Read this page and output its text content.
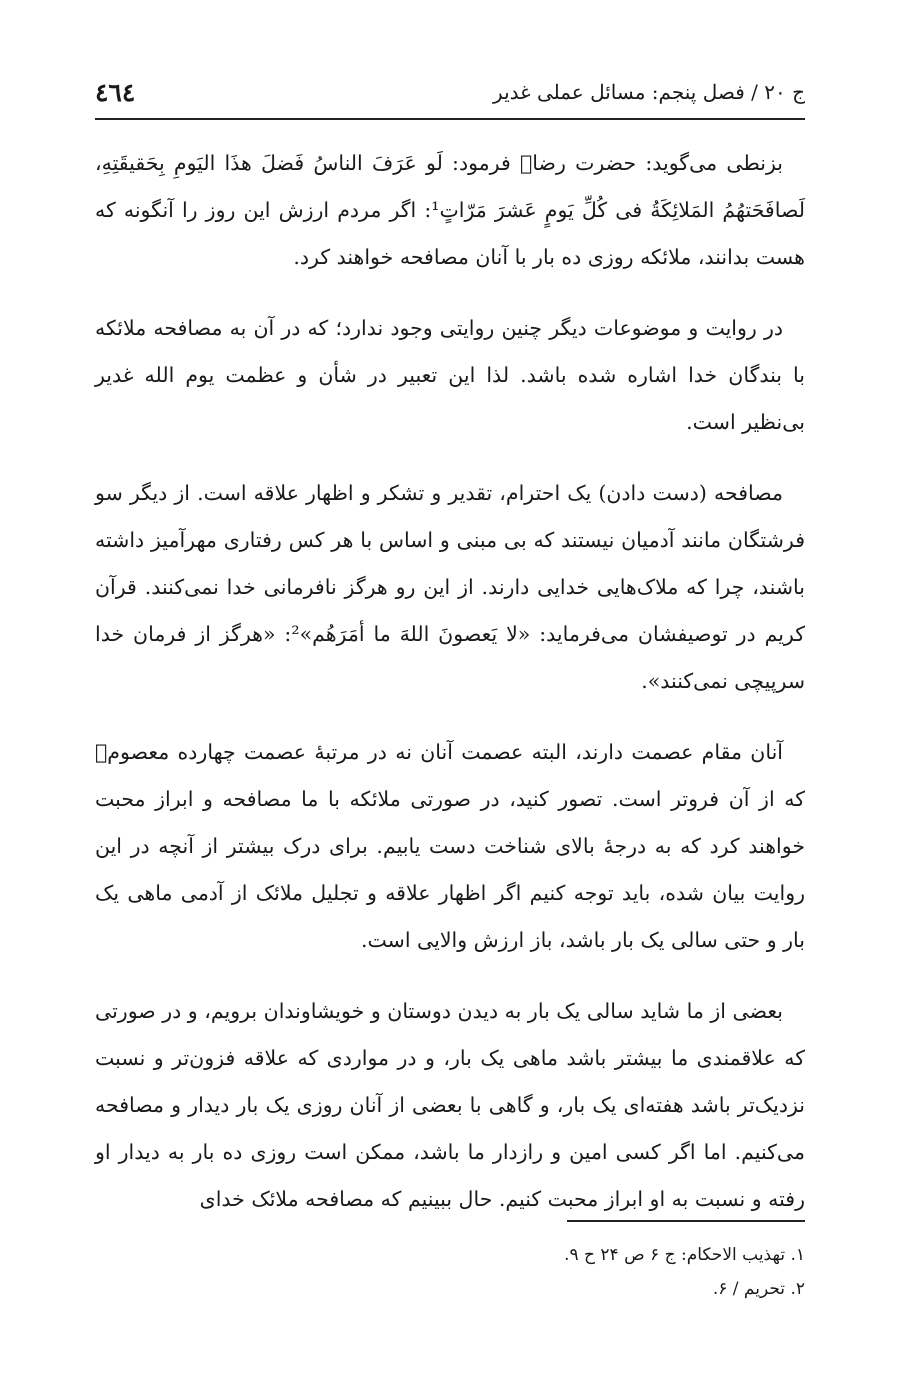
ج ۲۰ / فصل پنجم: مسائل عملی غدیر
٤٦٤

بزنطی می‌گوید: حضرت رضا﷣ فرمود: لَو عَرَفَ الناسُ فَضلَ هذَا الیَومِ بِحَقیقَتِهِ، لَصافَحَتهُمُ المَلائِکَةُ فی کُلِّ یَومٍ عَشرَ مَرّاتٍ¹: اگر مردم ارزش این روز را آنگونه که هست بدانند، ملائکه روزی ده بار با آنان مصافحه خواهند کرد.

در روایت و موضوعات دیگر چنین روایتی وجود ندارد؛ که در آن به مصافحه ملائکه با بندگان خدا اشاره شده باشد. لذا این تعبیر در شأن و عظمت یوم الله غدیر بی‌نظیر است.

مصافحه (دست دادن) یک احترام، تقدیر و تشکر و اظهار علاقه است. از دیگر سو فرشتگان مانند آدمیان نیستند که بی مبنی و اساس با هر کس رفتاری مهرآمیز داشته باشند، چرا که ملاک‌هایی خدایی دارند. از این رو هرگز نافرمانی خدا نمی‌کنند. قرآن کریم در توصیفشان می‌فرماید: «لا یَعصونَ اللهَ ما أمَرَهُم»²: «هرگز از فرمان خدا سرپیچی نمی‌کنند».

آنان مقام عصمت دارند، البته عصمت آنان نه در مرتبهٔ عصمت چهارده معصوم﷩ که از آن فروتر است. تصور کنید، در صورتی ملائکه با ما مصافحه و ابراز محبت خواهند کرد که به درجهٔ بالای شناخت دست یابیم. برای درک بیشتر از آنچه در این روایت بیان شده، باید توجه کنیم اگر اظهار علاقه و تجلیل ملائک از آدمی ماهی یک بار و حتی سالی یک بار باشد، باز ارزش والایی است.

بعضی از ما شاید سالی یک بار به دیدن دوستان و خویشاوندان برویم، و در صورتی که علاقمندی ما بیشتر باشد ماهی یک بار، و در مواردی که علاقه فزون‌تر و نسبت نزدیک‌تر باشد هفته‌ای یک بار، و گاهی با بعضی از آنان روزی یک بار دیدار و مصافحه می‌کنیم. اما اگر کسی امین و رازدار ما باشد، ممکن است روزی ده بار به دیدار او رفته و نسبت به او ابراز محبت کنیم. حال ببینیم که مصافحه ملائک خدای

۱. تهذیب الاحکام: ج ۶ ص ۲۴ ح ۹.

۲. تحریم / ۶.
